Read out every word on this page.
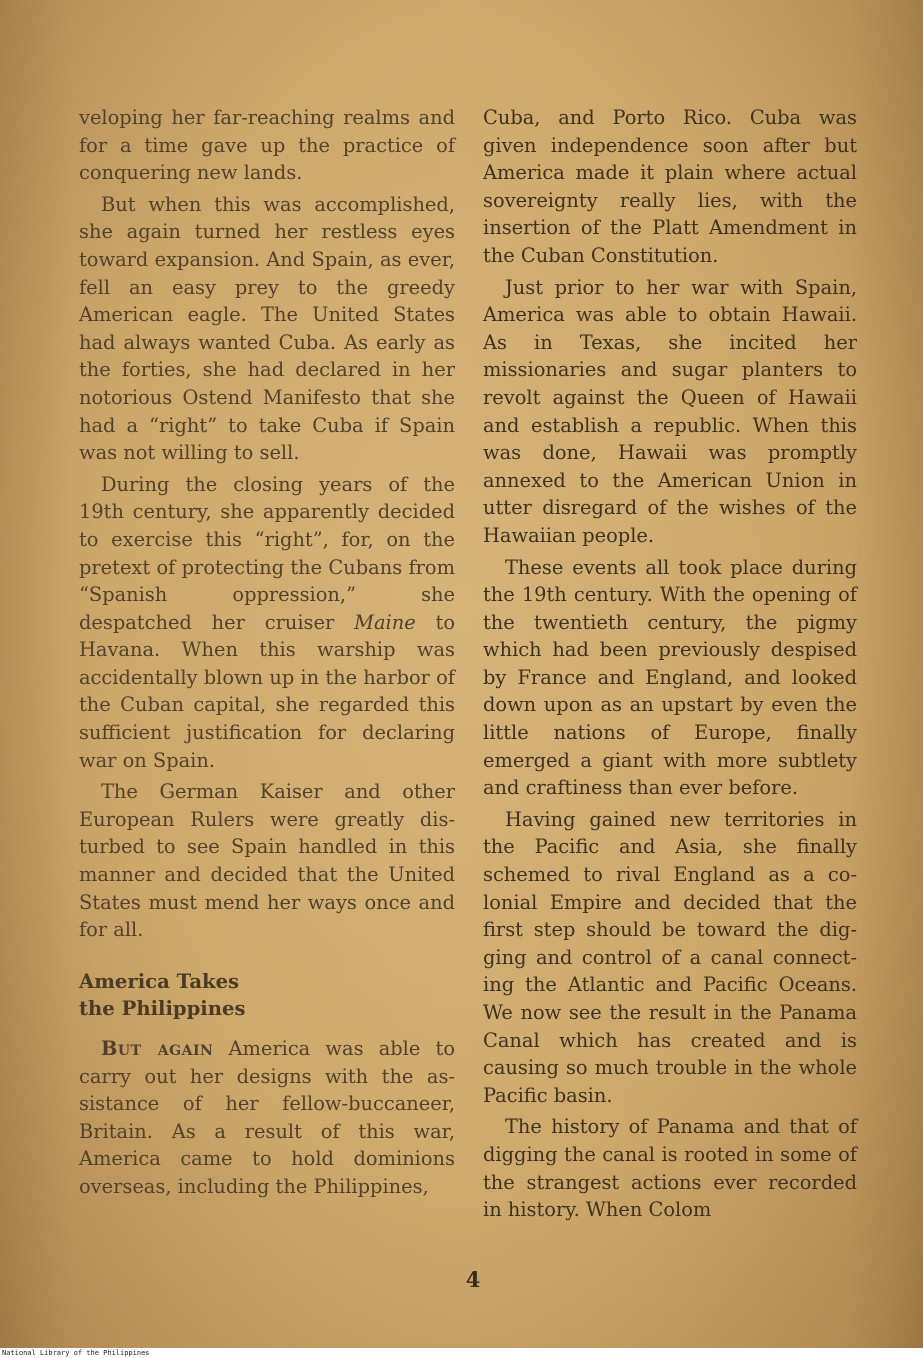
veloping her far-reaching realms and for a time gave up the practice of conquering new lands.

But when this was accomplished, she again turned her restless eyes toward expansion. And Spain, as ever, fell an easy prey to the greedy American eagle. The United States had always wanted Cuba. As early as the forties, she had declared in her notorious Ostend Manifesto that she had a “right” to take Cuba if Spain was not willing to sell.

During the closing years of the 19th century, she apparently decided to exercise this “right”, for, on the pretext of protecting the Cubans from “Spanish oppression,” she despatched her cruiser Maine to Havana. When this warship was accidentally blown up in the harbor of the Cuban capital, she regarded this sufficient justification for declaring war on Spain.

The German Kaiser and other European Rulers were greatly disturbed to see Spain handled in this manner and decided that the United States must mend her ways once and for all.

America Takes
the Philippines

But again America was able to carry out her designs with the assistance of her fellow-buccaneer, Britain. As a result of this war, America came to hold dominions overseas, including the Philippines,

Cuba, and Porto Rico. Cuba was given independence soon after but America made it plain where actual sovereignty really lies, with the insertion of the Platt Amendment in the Cuban Constitution.

Just prior to her war with Spain, America was able to obtain Hawaii. As in Texas, she incited her missionaries and sugar planters to revolt against the Queen of Hawaii and establish a republic. When this was done, Hawaii was promptly annexed to the American Union in utter disregard of the wishes of the Hawaiian people.

These events all took place during the 19th century. With the opening of the twentieth century, the pigmy which had been previously despised by France and England, and looked down upon as an upstart by even the little nations of Europe, finally emerged a giant with more subtlety and craftiness than ever before.

Having gained new territories in the Pacific and Asia, she finally schemed to rival England as a colonial Empire and decided that the first step should be toward the digging and control of a canal connecting the Atlantic and Pacific Oceans. We now see the result in the Panama Canal which has created and is causing so much trouble in the whole Pacific basin.

The history of Panama and that of digging the canal is rooted in some of the strangest actions ever recorded in history. When Colom

4
National Library of the Philippines
